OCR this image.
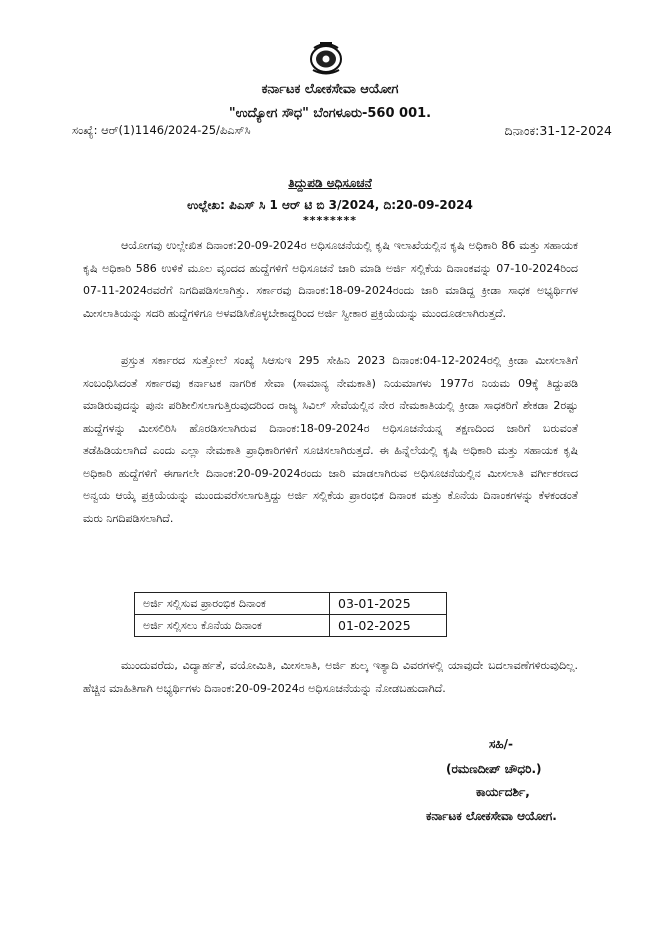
ಕರ್ನಾಟಕ ಲೋಕಸೇವಾ ಆಯೋಗ
"ಉದ್ಯೋಗ ಸೌಧ" ಬೆಂಗಳೂರು-560 001.
ಸಂಖ್ಯೆ: ಆರ್(1)1146/2024-25/ಪಿಎಸ್‌ಸಿ	ದಿನಾಂಕ:31-12-2024
ತಿದ್ದುಪಡಿ ಅಧಿಸೂಚನೆ
ಉಲ್ಲೇಖ: ಪಿಎಸ್ ಸಿ 1 ಆರ್ ಟಿ ಬಿ 3/2024, ದಿ:20-09-2024
********

ಆಯೋಗವು ಉಲ್ಲೇಖಿತ ದಿನಾಂಕ:20-09-2024ರ ಅಧಿಸೂಚನೆಯಲ್ಲಿ ಕೃಷಿ ಇಲಾಖೆಯಲ್ಲಿನ ಕೃಷಿ ಅಧಿಕಾರಿ 86 ಮತ್ತು ಸಹಾಯಕ ಕೃಷಿ ಅಧಿಕಾರಿ 586 ಉಳಿಕೆ ಮೂಲ ವೃಂದದ ಹುದ್ದೆಗಳಿಗೆ ಅಧಿಸೂಚನೆ ಜಾರಿ ಮಾಡಿ ಅರ್ಜಿ ಸಲ್ಲಿಕೆಯ ದಿನಾಂಕವನ್ನು 07-10-2024ರಿಂದ 07-11-2024ರವರೆಗೆ ನಿಗದಿಪಡಿಸಲಾಗಿತ್ತು. ಸರ್ಕಾರವು ದಿನಾಂಕ:18-09-2024ರಂದು ಜಾರಿ ಮಾಡಿದ್ದ ಕ್ರೀಡಾ ಸಾಧಕ ಅಭ್ಯರ್ಥಿಗಳ ಮೀಸಲಾತಿಯನ್ನು ಸದರಿ ಹುದ್ದೆಗಳಿಗೂ ಅಳವಡಿಸಿಕೊಳ್ಳಬೇಕಾದ್ದರಿಂದ ಅರ್ಜಿ ಸ್ವೀಕಾರ ಪ್ರಕ್ರಿಯೆಯನ್ನು ಮುಂದೂಡಲಾಗಿರುತ್ತದೆ.

ಪ್ರಸ್ತುತ ಸರ್ಕಾರದ ಸುತ್ತೋಲೆ ಸಂಖ್ಯೆ ಸಿಆಸುಇ 295 ಸೇಹಿನಿ 2023 ದಿನಾಂಕ:04-12-2024ರಲ್ಲಿ ಕ್ರೀಡಾ ಮೀಸಲಾತಿಗೆ ಸಂಬಂಧಿಸಿದಂತೆ ಸರ್ಕಾರವು ಕರ್ನಾಟಕ ನಾಗರಿಕ ಸೇವಾ (ಸಾಮಾನ್ಯ ನೇಮಕಾತಿ) ನಿಯಮಾಗಳು 1977ರ ನಿಯಮ 09ಕ್ಕೆ ತಿದ್ದುಪಡಿ ಮಾಡಿರುವುದನ್ನು ಪುನಃ ಪರಿಶೀಲಿಸಲಾಗುತ್ತಿರುವುದರಿಂದ ರಾಜ್ಯ ಸಿವಿಲ್ ಸೇವೆಯಲ್ಲಿನ ನೇರ ನೇಮಕಾತಿಯಲ್ಲಿ ಕ್ರೀಡಾ ಸಾಧಕರಿಗೆ ಶೇಕಡಾ 2ರಷ್ಟು ಹುದ್ದೆಗಳನ್ನು ಮೀಸಲಿರಿಸಿ ಹೊರಡಿಸಲಾಗಿರುವ ದಿನಾಂಕ:18-09-2024ರ ಅಧಿಸೂಚನೆಯನ್ನ ತಕ್ಷಣದಿಂದ ಜಾರಿಗೆ ಬರುವಂತೆ ತಡೆಹಿಡಿಯಲಾಗಿದೆ ಎಂದು ಎಲ್ಲಾ ನೇಮಕಾತಿ ಪ್ರಾಧಿಕಾರಿಗಳಿಗೆ ಸೂಚಿಸಲಾಗಿರುತ್ತದೆ. ಈ ಹಿನ್ನೆಲೆಯಲ್ಲಿ ಕೃಷಿ ಅಧಿಕಾರಿ ಮತ್ತು ಸಹಾಯಕ ಕೃಷಿ ಅಧಿಕಾರಿ ಹುದ್ದೆಗಳಿಗೆ ಈಗಾಗಲೇ ದಿನಾಂಕ:20-09-2024ರಂದು ಜಾರಿ ಮಾಡಲಾಗಿರುವ ಅಧಿಸೂಚನೆಯಲ್ಲಿನ ಮೀಸಲಾತಿ ವರ್ಗೀಕರಣದ ಅನ್ವಯ ಆಯ್ಕೆ ಪ್ರಕ್ರಿಯೆಯನ್ನು ಮುಂದುವರೆಸಲಾಗುತ್ತಿದ್ದು ಅರ್ಜಿ ಸಲ್ಲಿಕೆಯ ಪ್ರಾರಂಭಿಕ ದಿನಾಂಕ ಮತ್ತು ಕೊನೆಯ ದಿನಾಂಕಗಳನ್ನು ಕೆಳಕಂಡಂತೆ ಮರು ನಿಗದಿಪಡಿಸಲಾಗಿದೆ.

ಅರ್ಜಿ ಸಲ್ಲಿಸುವ ಪ್ರಾರಂಭಿಕ ದಿನಾಂಕ	03-01-2025
ಅರ್ಜಿ ಸಲ್ಲಿಸಲು ಕೊನೆಯ ದಿನಾಂಕ	01-02-2025

ಮುಂದುವರೆದು, ವಿದ್ಯಾರ್ಹತೆ, ವಯೋಮಿತಿ, ಮೀಸಲಾತಿ, ಅರ್ಜಿ ಶುಲ್ಕ ಇತ್ಯಾದಿ ವಿವರಗಳಲ್ಲಿ ಯಾವುದೇ ಬದಲಾವಣೆಗಳಿರುವುದಿಲ್ಲ. ಹೆಚ್ಚಿನ ಮಾಹಿತಿಗಾಗಿ ಅಭ್ಯರ್ಥಿಗಳು ದಿನಾಂಕ:20-09-2024ರ ಅಧಿಸೂಚನೆಯನ್ನು ನೋಡಬಹುದಾಗಿದೆ.

ಸಹಿ/-
(ರಮಣದೀಪ್ ಚೌಧರಿ.)
ಕಾರ್ಯದರ್ಶಿ,
ಕರ್ನಾಟಕ ಲೋಕಸೇವಾ ಆಯೋಗ.
